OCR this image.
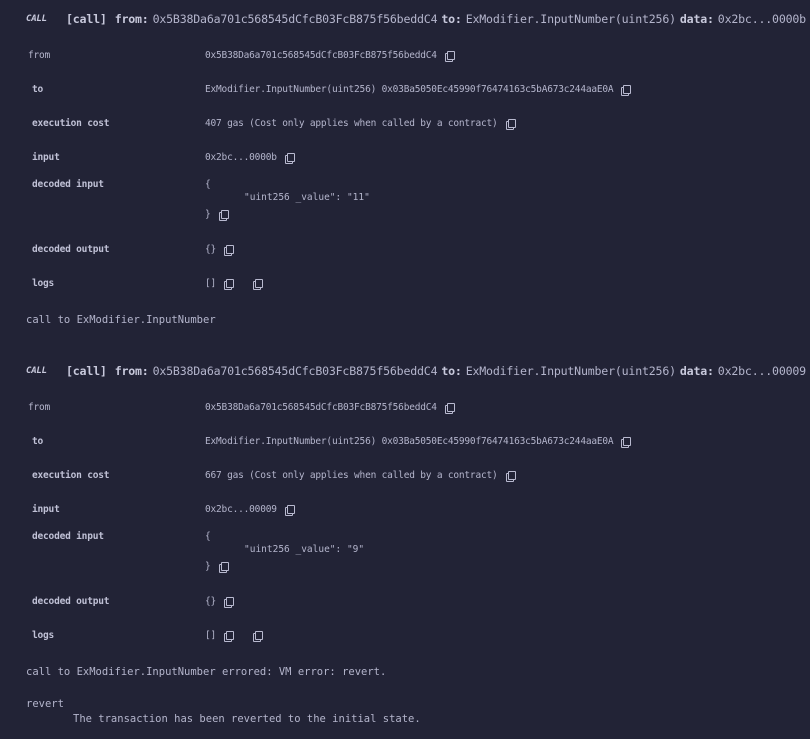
CALL	[call] from: 0x5B38Da6a701c568545dCfcB03FcB875f56beddC4 to: ExModifier.InputNumber(uint256) data: 0x2bc...0000b
from	0x5B38Da6a701c568545dCfcB03FcB875f56beddC4
to	ExModifier.InputNumber(uint256) 0x03Ba5050Ec45990f76474163c5bA673c244aaE0A
execution cost	407 gas (Cost only applies when called by a contract)
input	0x2bc...0000b
decoded input	{
"uint256 _value": "11"
}
decoded output	{}
logs	[]
call to ExModifier.InputNumber
CALL	[call] from: 0x5B38Da6a701c568545dCfcB03FcB875f56beddC4 to: ExModifier.InputNumber(uint256) data: 0x2bc...00009
from	0x5B38Da6a701c568545dCfcB03FcB875f56beddC4
to	ExModifier.InputNumber(uint256) 0x03Ba5050Ec45990f76474163c5bA673c244aaE0A
execution cost	667 gas (Cost only applies when called by a contract)
input	0x2bc...00009
decoded input	{
"uint256 _value": "9"
}
decoded output	{}
logs	[]
call to ExModifier.InputNumber errored: VM error: revert.
revert
The transaction has been reverted to the initial state.
